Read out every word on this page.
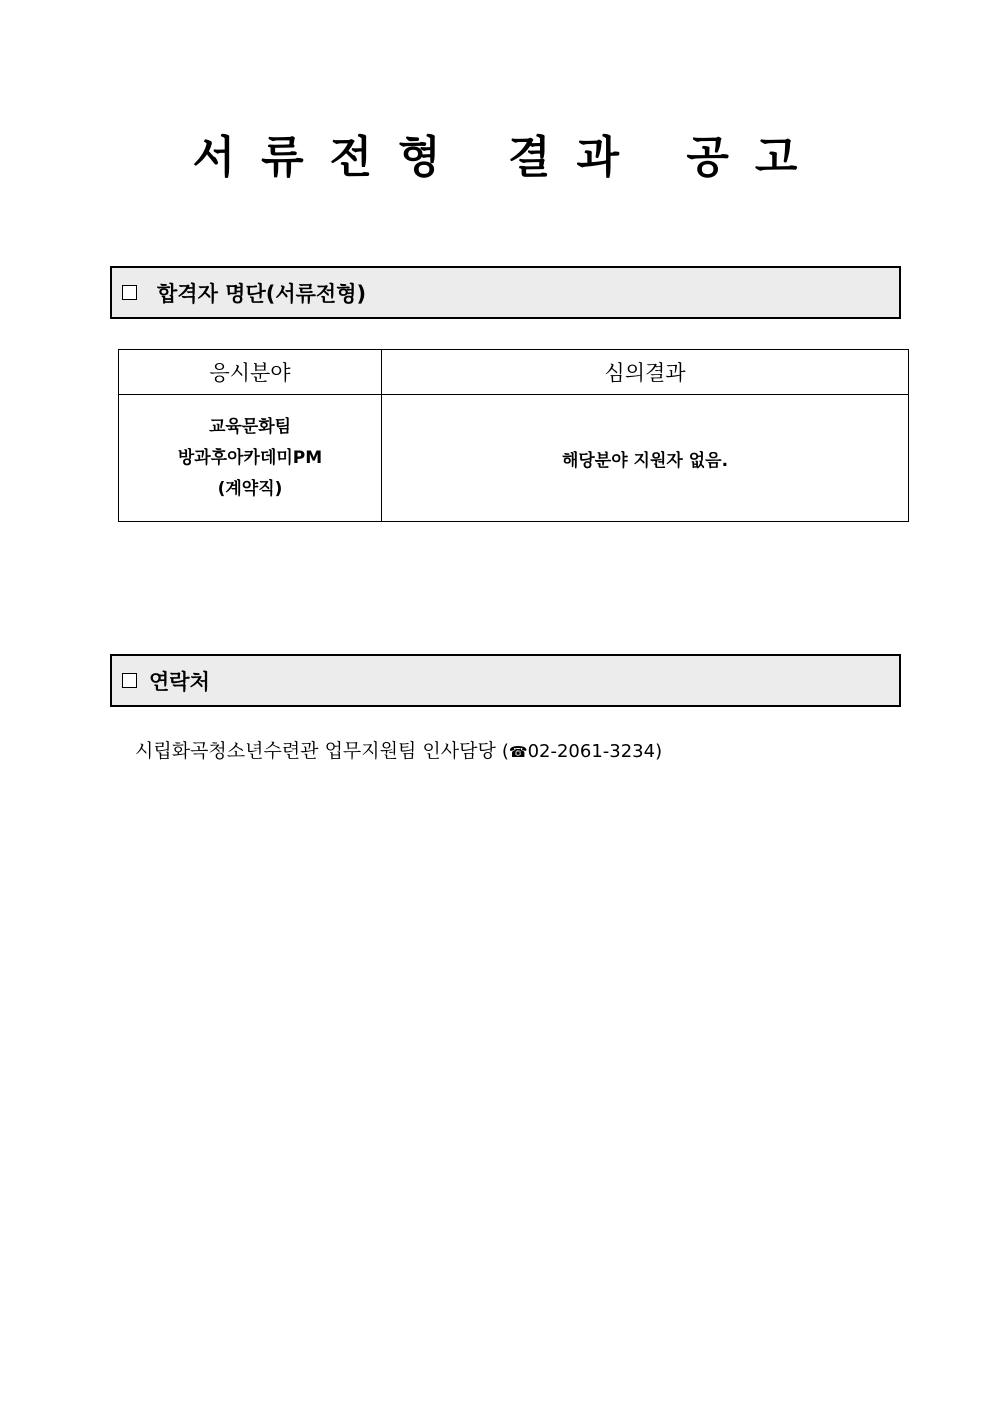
서류전형 결과 공고
합격자 명단(서류전형)
응시분야	심의결과

교육문화팀
방과후아카데미PM
(계약직)	해당분야 지원자 없음.
연락처
시립화곡청소년수련관 업무지원팀 인사담당 (☎02-2061-3234)
